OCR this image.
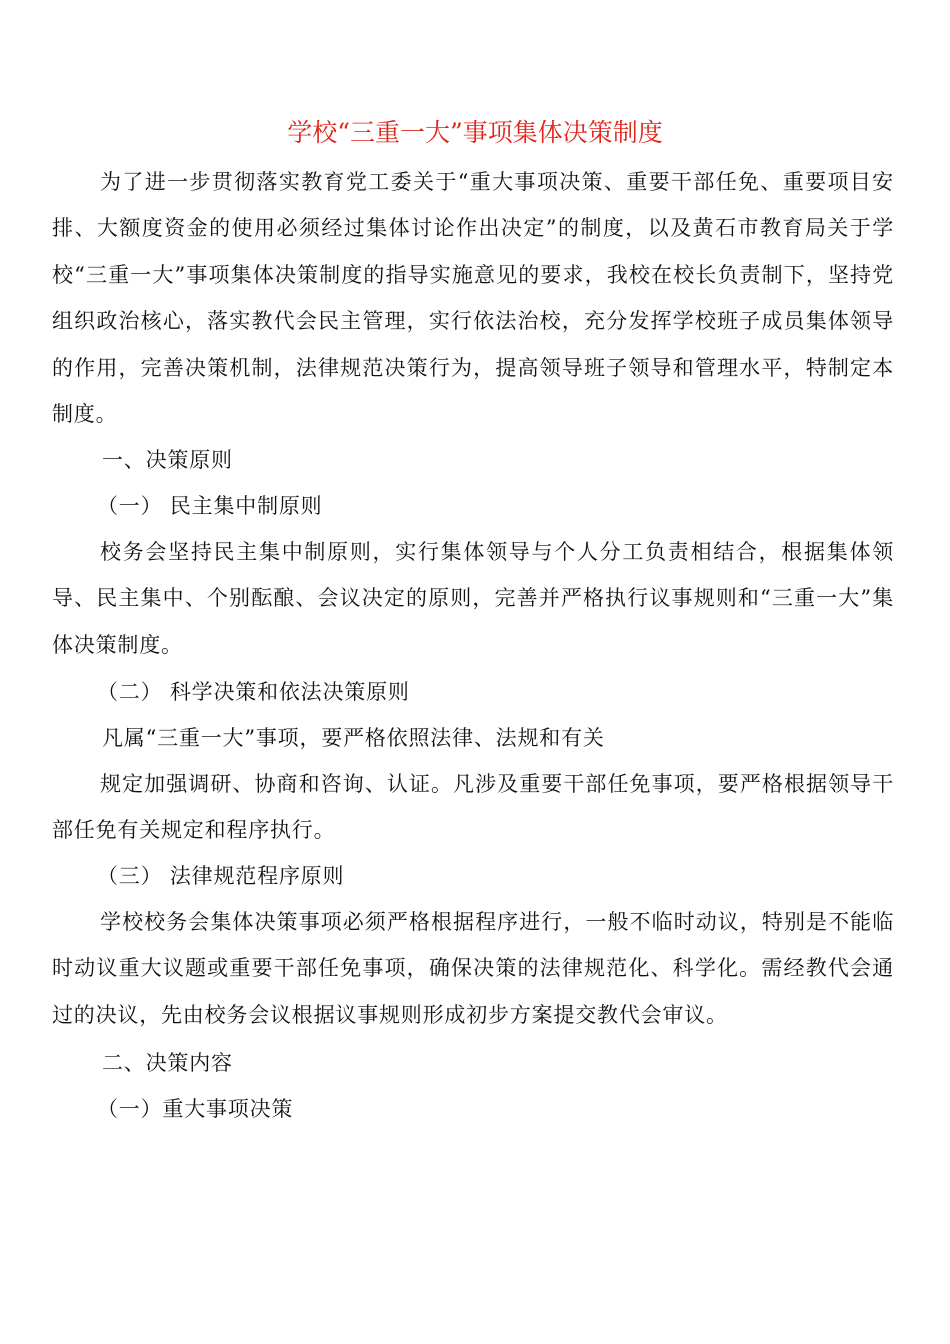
学校“三重一大”事项集体决策制度
为了进一步贯彻落实教育党工委关于“重大事项决策、重要干部任免、重要项目安排、大额度资金的使用必须经过集体讨论作出决定”的制度，以及黄石市教育局关于学校“三重一大”事项集体决策制度的指导实施意见的要求，我校在校长负责制下，坚持党组织政治核心，落实教代会民主管理，实行依法治校，充分发挥学校班子成员集体领导的作用，完善决策机制，法律规范决策行为，提高领导班子领导和管理水平，特制定本制度。
一、决策原则
（一） 民主集中制原则
校务会坚持民主集中制原则，实行集体领导与个人分工负责相结合，根据集体领导、民主集中、个别酝酿、会议决定的原则，完善并严格执行议事规则和“三重一大”集体决策制度。
（二） 科学决策和依法决策原则
凡属“三重一大”事项，要严格依照法律、法规和有关
规定加强调研、协商和咨询、认证。凡涉及重要干部任免事项，要严格根据领导干部任免有关规定和程序执行。
（三） 法律规范程序原则
学校校务会集体决策事项必须严格根据程序进行，一般不临时动议，特别是不能临时动议重大议题或重要干部任免事项，确保决策的法律规范化、科学化。需经教代会通过的决议，先由校务会议根据议事规则形成初步方案提交教代会审议。
二、决策内容
（一）重大事项决策
